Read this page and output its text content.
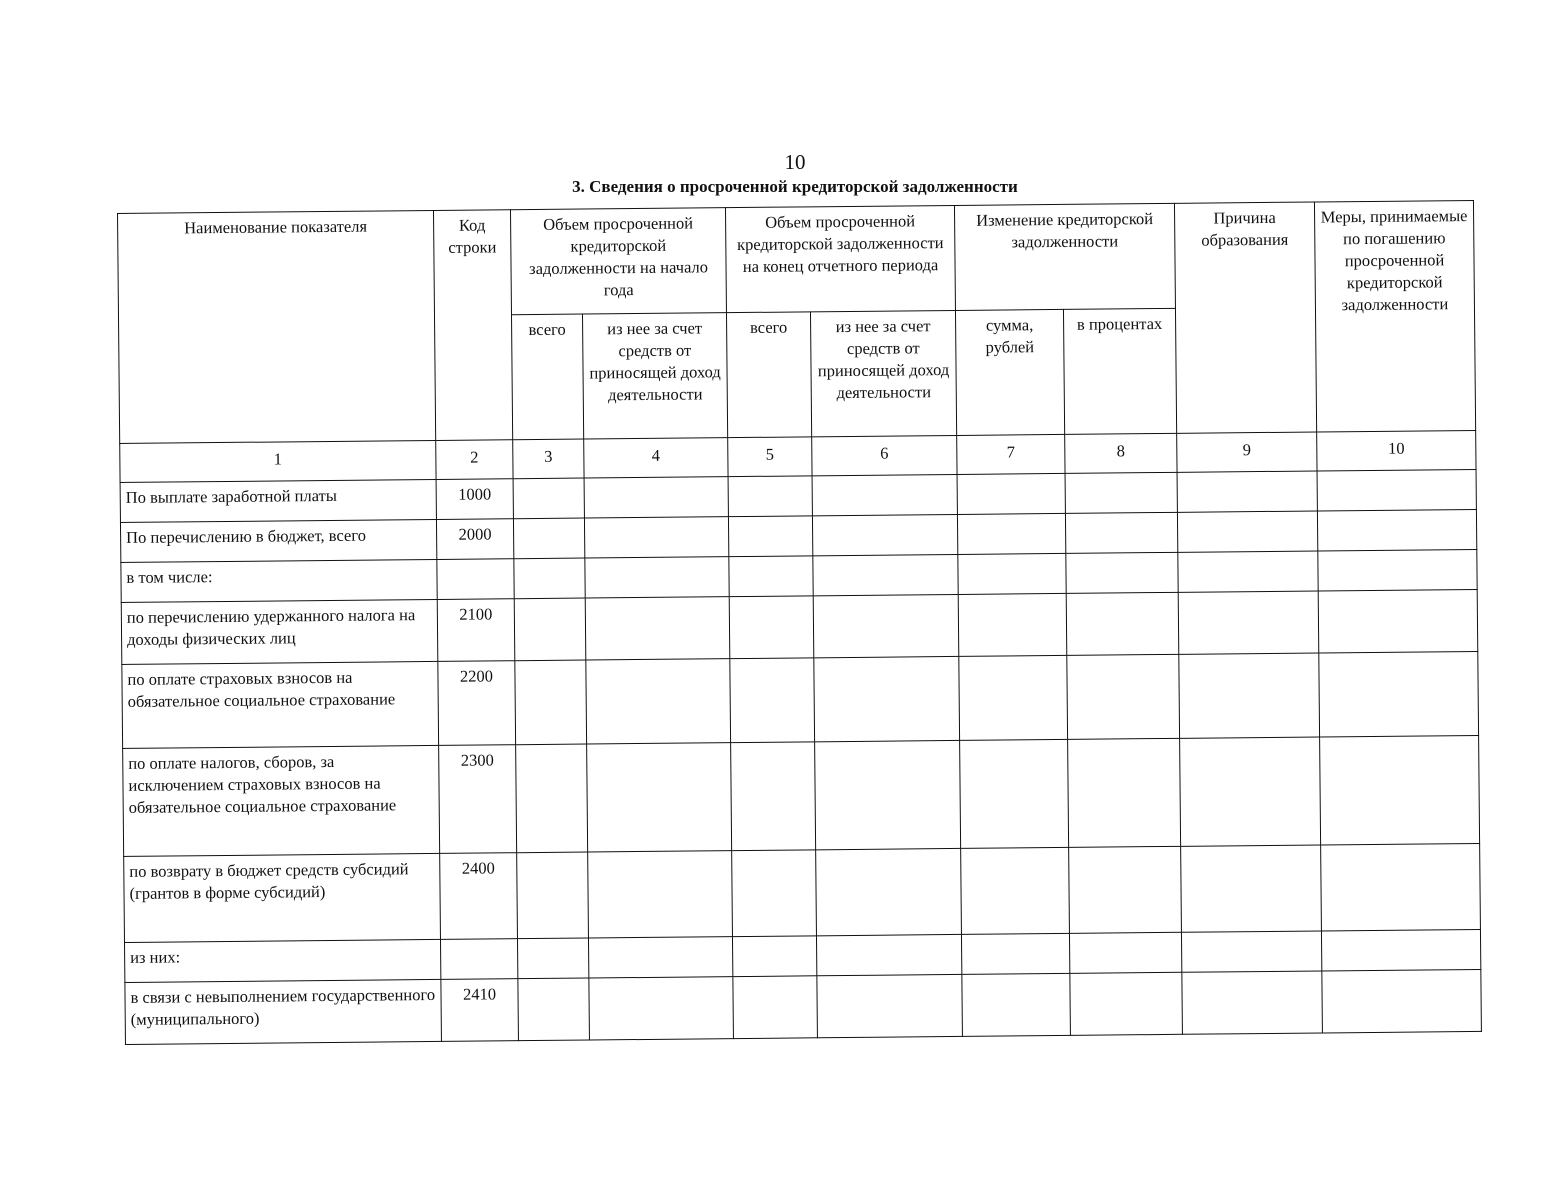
10
3. Сведения о просроченной кредиторской задолженности
Наименование показателя	Код строки	Объем просроченной кредиторской задолженности на начало года		Объем просроченной кредиторской задолженности на конец отчетного периода		Изменение кредиторской задолженности		Причина образования	Меры, принимаемые по погашению просроченной кредиторской задолженности
		всего	из нее за счет средств от приносящей доход деятельности	всего	из нее за счет средств от приносящей доход деятельности	сумма, рублей	в процентах		
1	2	3	4	5	6	7	8	9	10
По выплате заработной платы	1000								
По перечислению в бюджет, всего	2000								
в том числе:									
по перечислению удержанного налога на доходы физических лиц	2100								
по оплате страховых взносов на обязательное социальное страхование	2200								
по оплате налогов, сборов, за исключением страховых взносов на обязательное социальное страхование	2300								
по возврату в бюджет средств субсидий (грантов в форме субсидий)	2400								
из них:									
в связи с невыполнением государственного (муниципального)	2410								
